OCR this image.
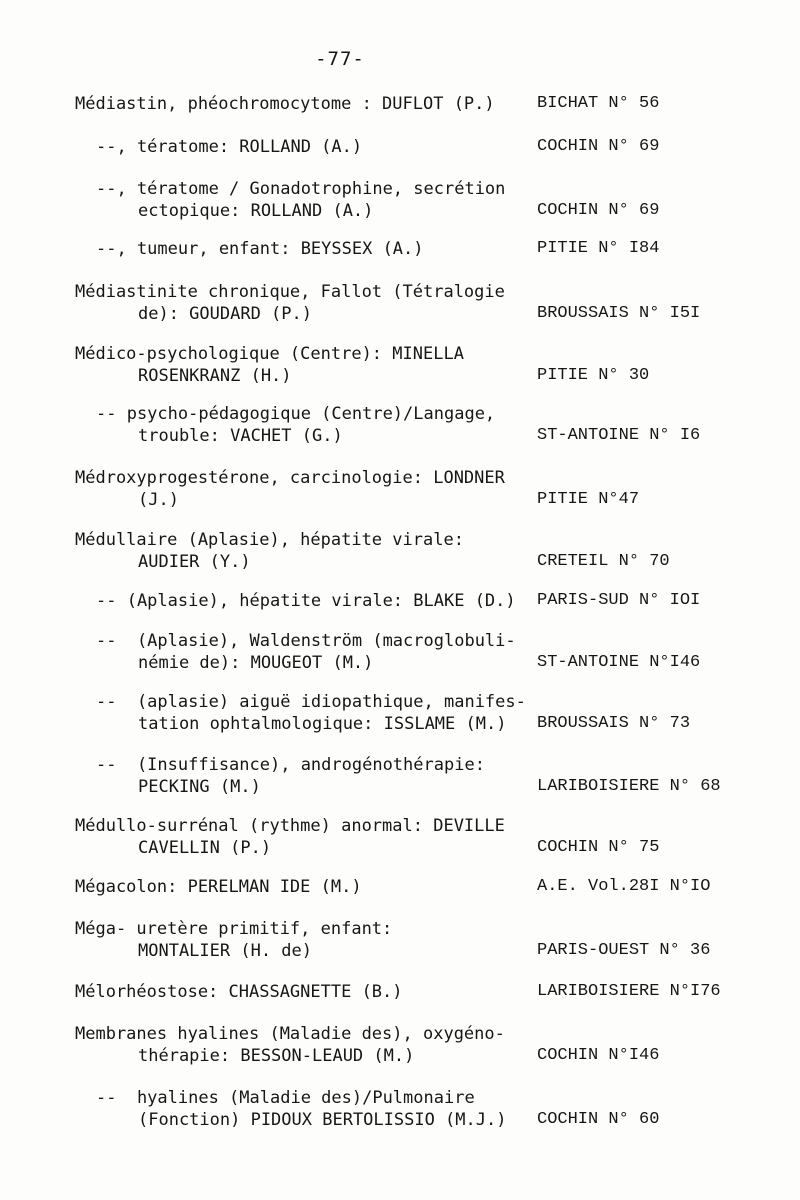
-77-
Médiastin, phéochromocytome : DUFLOT (P.) BICHAT N° 56
--, tératome: ROLLAND (A.)	COCHIN N° 69
--, tératome / Gonadotrophine, secrétion
ectopique: ROLLAND (A.)	COCHIN N° 69
--, tumeur, enfant: BEYSSEX (A.)	PITIE N° I84
Médiastinite chronique, Fallot (Tétralogie
de): GOUDARD (P.)	BROUSSAIS N° I5I
Médico-psychologique (Centre): MINELLA
ROSENKRANZ (H.)	PITIE N° 30
-- psycho-pédagogique (Centre)/Langage,
trouble: VACHET (G.)	ST-ANTOINE N° I6
Médroxyprogestérone, carcinologie: LONDNER
(J.)	PITIE N°47
Médullaire (Aplasie), hépatite virale:
AUDIER (Y.)	CRETEIL N° 70
-- (Aplasie), hépatite virale: BLAKE (D.) PARIS-SUD N° IOI
--  (Aplasie), Waldenström (macroglobuli-
némie de): MOUGEOT (M.)	ST-ANTOINE N°I46
--  (aplasie) aiguë idiopathique, manifes-
tation ophtalmologique: ISSLAME (M.) BROUSSAIS N° 73
--  (Insuffisance), androgénothérapie:
PECKING (M.)	LARIBOISIERE N° 68
Médullo-surrénal (rythme) anormal: DEVILLE
CAVELLIN (P.)	COCHIN N° 75
Mégacolon: PERELMAN IDE (M.)	A.E. Vol.28I N°IO
Méga- uretère primitif, enfant:
MONTALIER (H. de)	PARIS-OUEST N° 36
Mélorhéostose: CHASSAGNETTE (B.)	LARIBOISIERE N°I76
Membranes hyalines (Maladie des), oxygéno-
thérapie: BESSON-LEAUD (M.)	COCHIN N°I46
--  hyalines (Maladie des)/Pulmonaire
(Fonction) PIDOUX BERTOLISSIO (M.J.) COCHIN N° 60
